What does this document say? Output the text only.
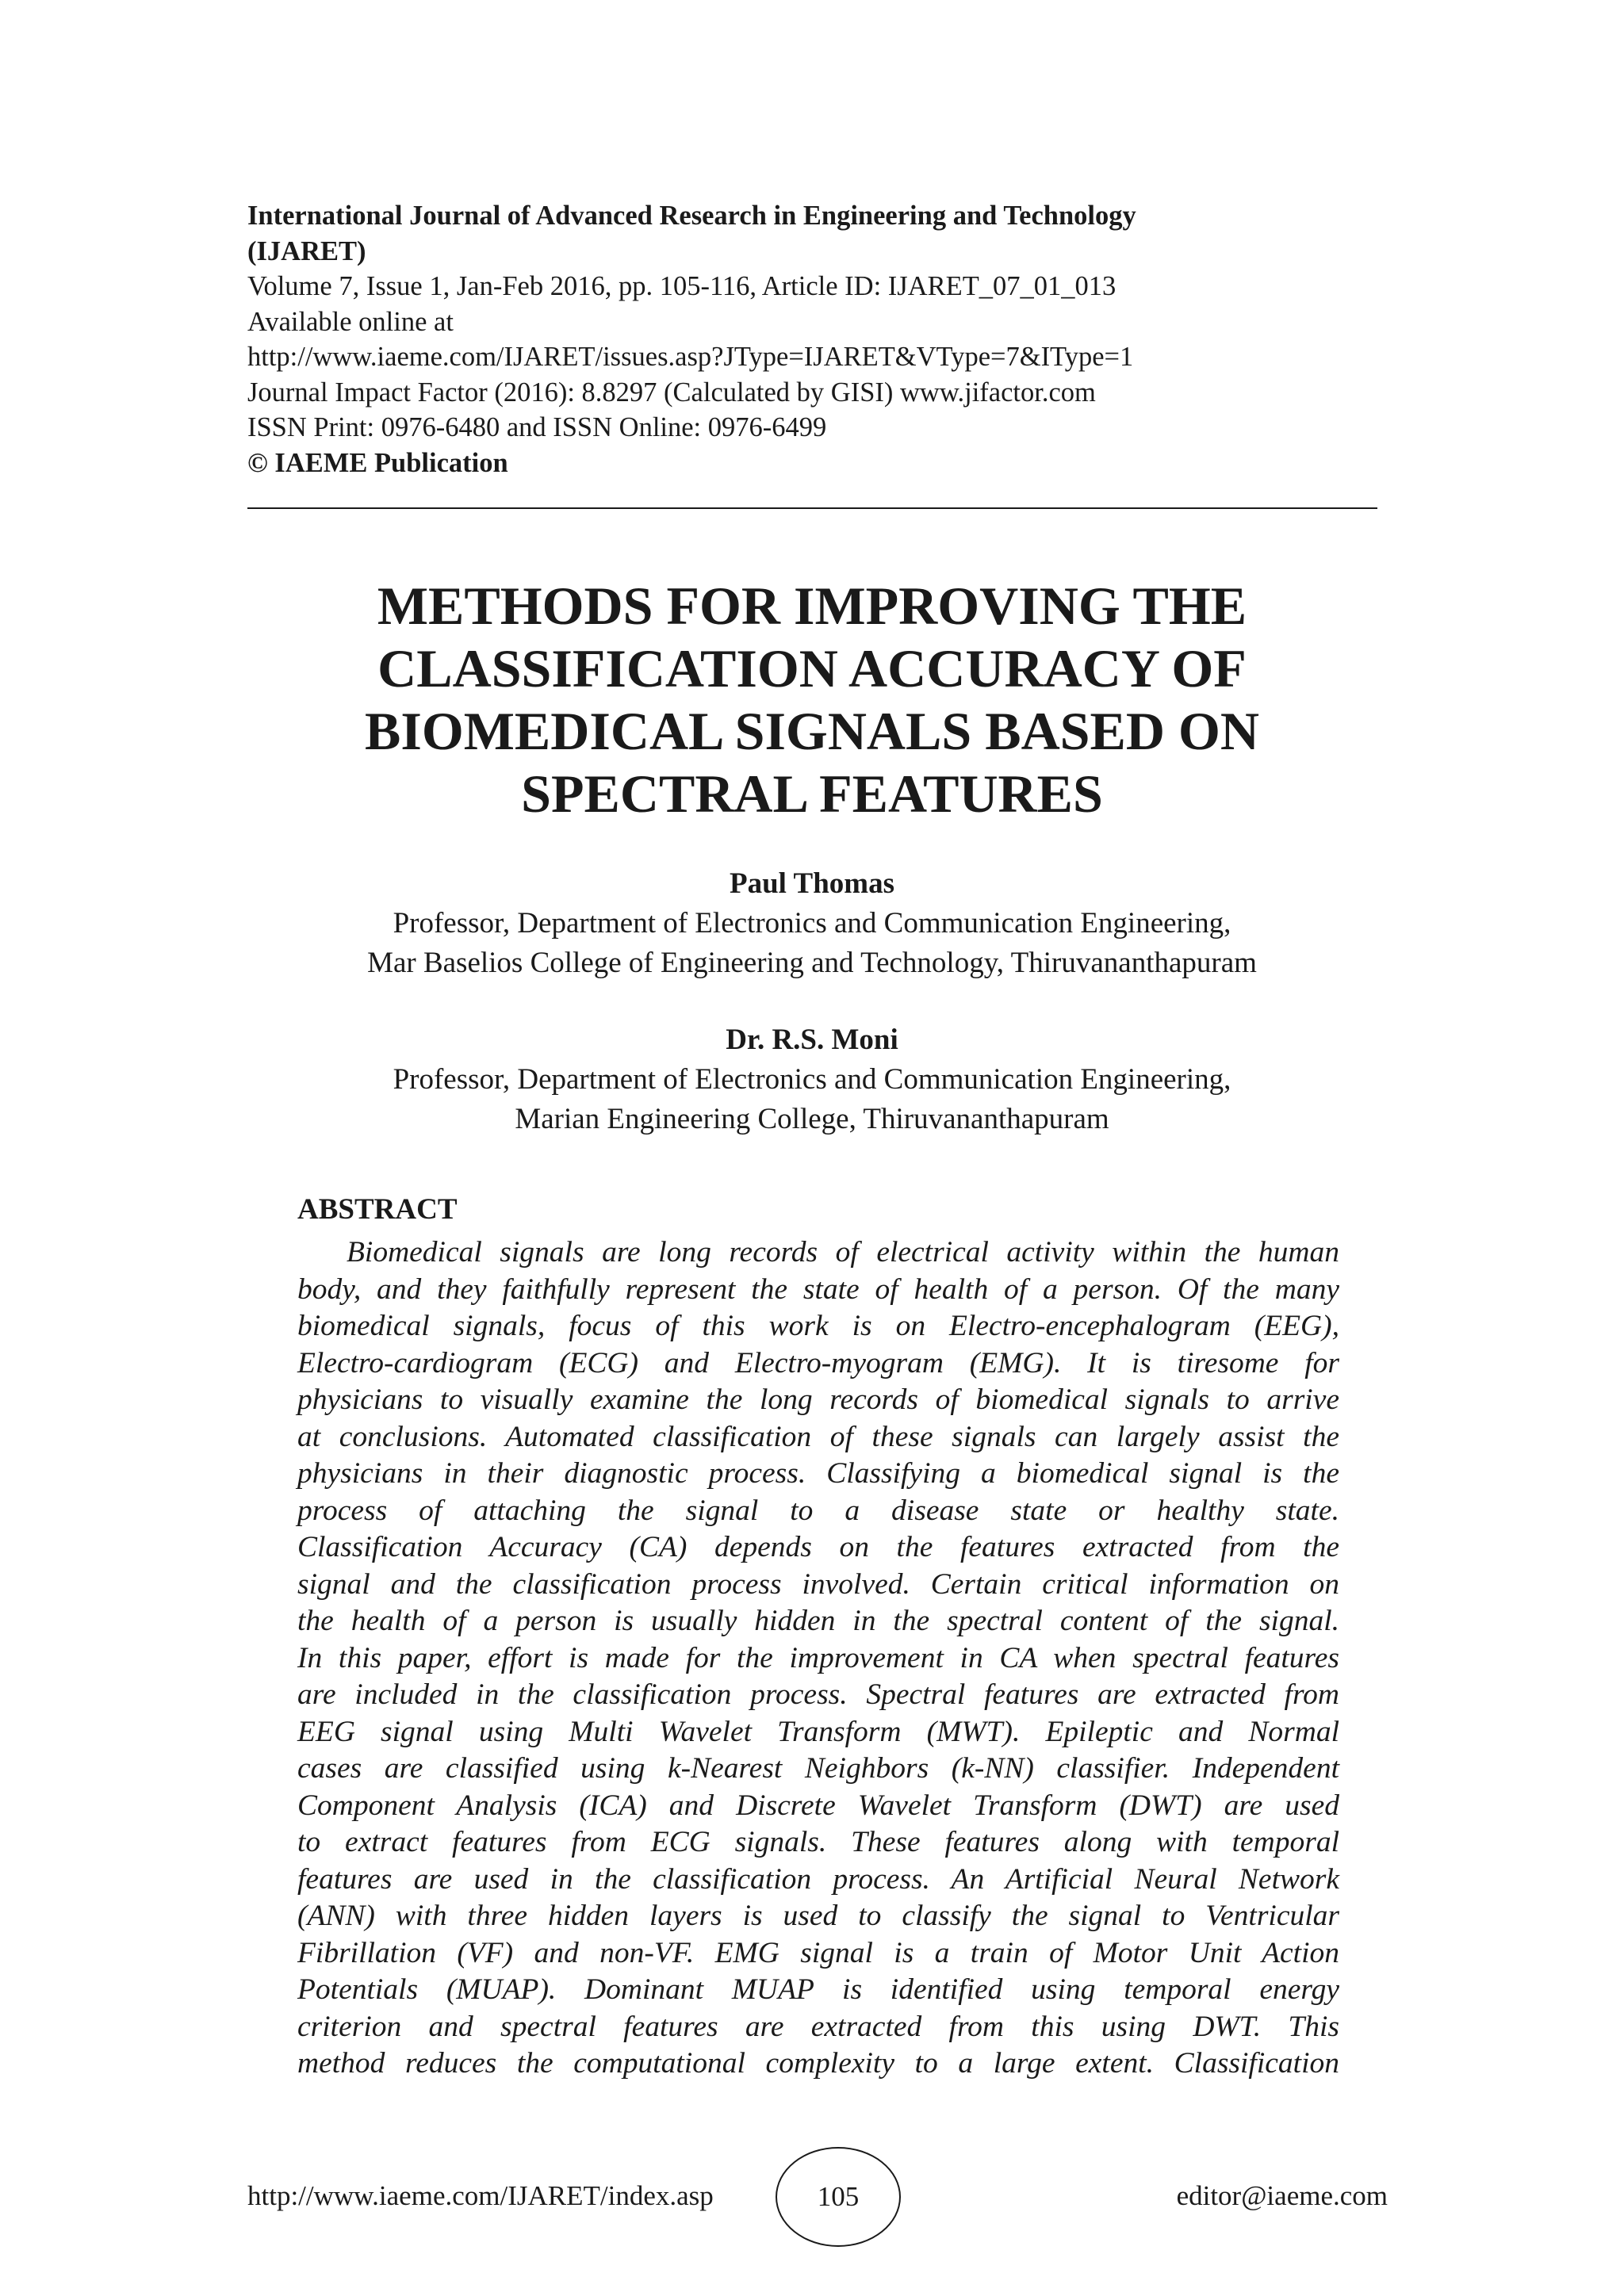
International Journal of Advanced Research in Engineering and Technology
(IJARET)
Volume 7, Issue 1, Jan-Feb 2016, pp. 105-116, Article ID: IJARET_07_01_013
Available online at
http://www.iaeme.com/IJARET/issues.asp?JType=IJARET&VType=7&IType=1
Journal Impact Factor (2016): 8.8297 (Calculated by GISI) www.jifactor.com
ISSN Print: 0976-6480 and ISSN Online: 0976-6499
© IAEME Publication
METHODS FOR IMPROVING THE
CLASSIFICATION ACCURACY OF
BIOMEDICAL SIGNALS BASED ON
SPECTRAL FEATURES
Paul Thomas
Professor, Department of Electronics and Communication Engineering,
Mar Baselios College of Engineering and Technology, Thiruvananthapuram
Dr. R.S. Moni
Professor, Department of Electronics and Communication Engineering,
Marian Engineering College, Thiruvananthapuram
ABSTRACT
Biomedical signals are long records of electrical activity within the human
body, and they faithfully represent the state of health of a person. Of the many
biomedical signals, focus of this work is on Electro-encephalogram (EEG),
Electro-cardiogram (ECG) and Electro-myogram (EMG). It is tiresome for
physicians to visually examine the long records of biomedical signals to arrive
at conclusions. Automated classification of these signals can largely assist the
physicians in their diagnostic process. Classifying a biomedical signal is the
process of attaching the signal to a disease state or healthy state.
Classification Accuracy (CA) depends on the features extracted from the
signal and the classification process involved. Certain critical information on
the health of a person is usually hidden in the spectral content of the signal.
In this paper, effort is made for the improvement in CA when spectral features
are included in the classification process. Spectral features are extracted from
EEG signal using Multi Wavelet Transform (MWT). Epileptic and Normal
cases are classified using k-Nearest Neighbors (k-NN) classifier. Independent
Component Analysis (ICA) and Discrete Wavelet Transform (DWT) are used
to extract features from ECG signals. These features along with temporal
features are used in the classification process. An Artificial Neural Network
(ANN) with three hidden layers is used to classify the signal to Ventricular
Fibrillation (VF) and non-VF. EMG signal is a train of Motor Unit Action
Potentials (MUAP). Dominant MUAP is identified using temporal energy
criterion and spectral features are extracted from this using DWT. This
method reduces the computational complexity to a large extent. Classification
http://www.iaeme.com/IJARET/index.asp	105	editor@iaeme.com
